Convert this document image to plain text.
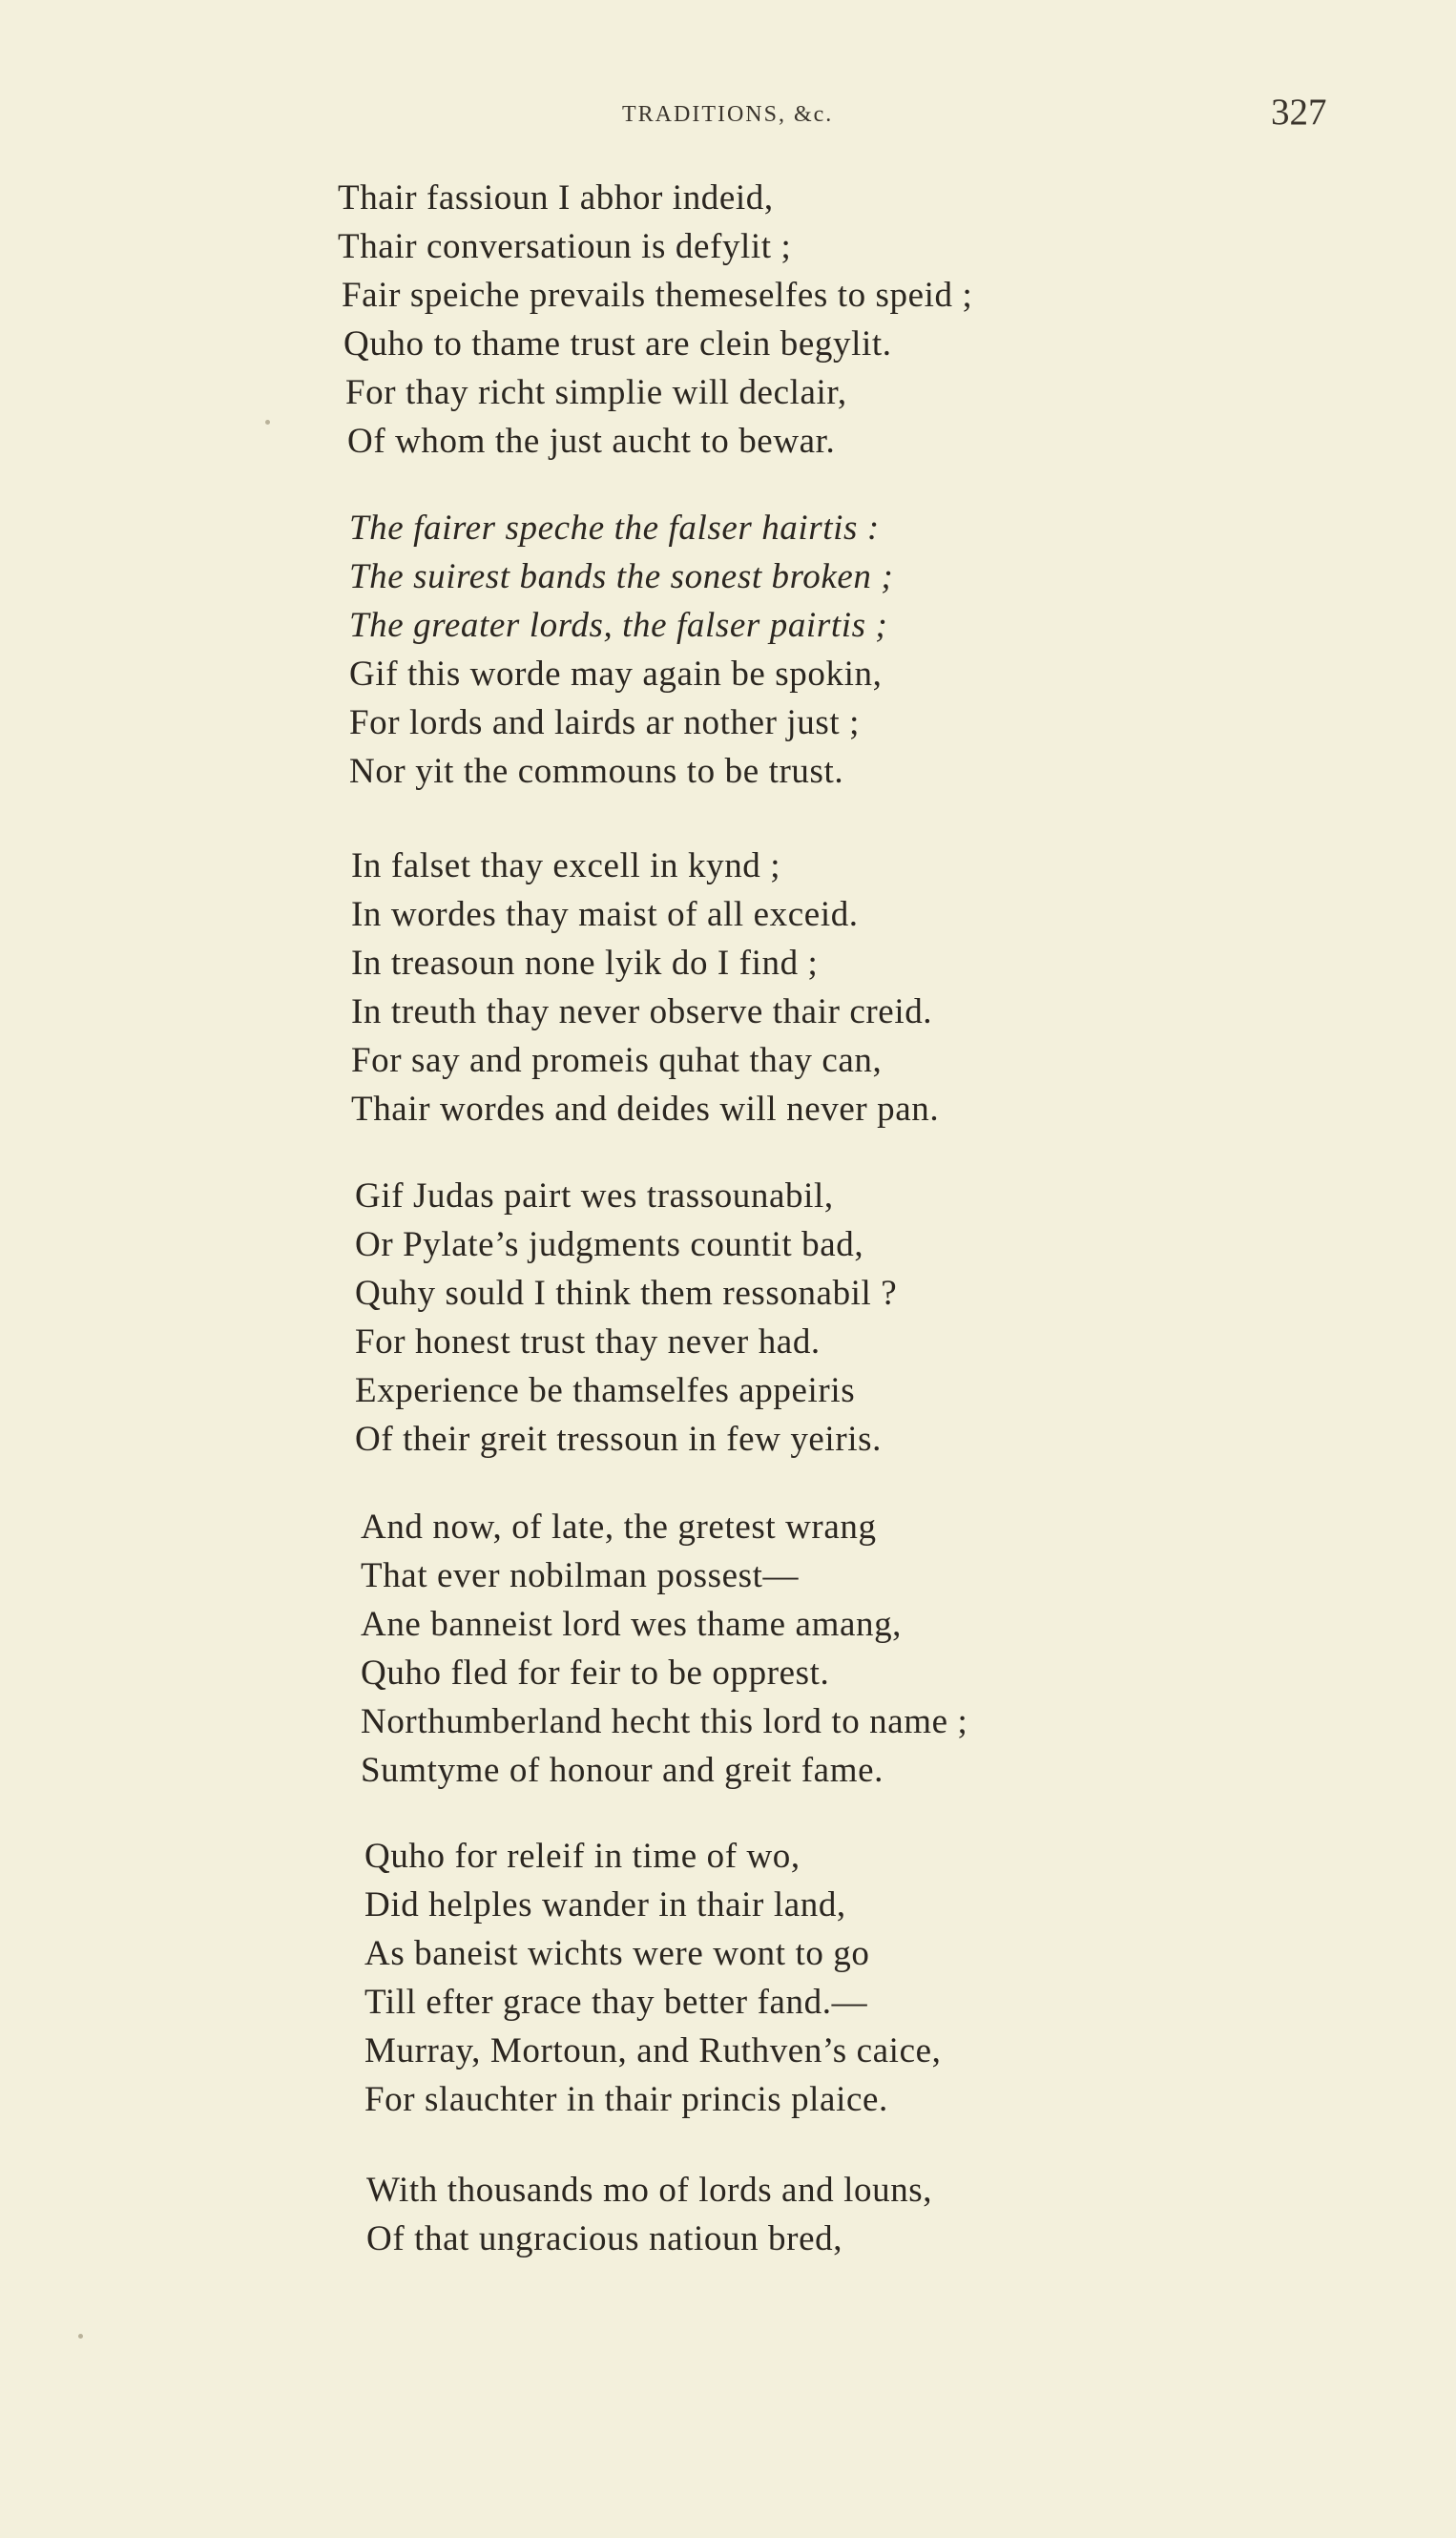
TRADITIONS, &c.	327
Thair fassioun I abhor indeid,
Thair conversatioun is defylit ;
Fair speiche prevails themeselfes to speid ;
Quho to thame trust are clein begylit.
For thay richt simplie will declair,
Of whom the just aucht to bewar.
The fairer speche the falser hairtis :
The suirest bands the sonest broken ;
The greater lords, the falser pairtis ;
Gif this worde may again be spokin,
For lords and lairds ar nother just ;
Nor yit the commouns to be trust.
In falset thay excell in kynd ;
In wordes thay maist of all exceid.
In treasoun none lyik do I find ;
In treuth thay never observe thair creid.
For say and promeis quhat thay can,
Thair wordes and deides will never pan.
Gif Judas pairt wes trassounabil,
Or Pylate’s judgments countit bad,
Quhy sould I think them ressonabil ?
For honest trust thay never had.
Experience be thamselfes appeiris
Of their greit tressoun in few yeiris.
And now, of late, the gretest wrang
That ever nobilman possest—
Ane banneist lord wes thame amang,
Quho fled for feir to be opprest.
Northumberland hecht this lord to name ;
Sumtyme of honour and greit fame.
Quho for releif in time of wo,
Did helples wander in thair land,
As baneist wichts were wont to go
Till efter grace thay better fand.—
Murray, Mortoun, and Ruthven’s caice,
For slauchter in thair princis plaice.
With thousands mo of lords and louns,
Of that ungracious natioun bred,
